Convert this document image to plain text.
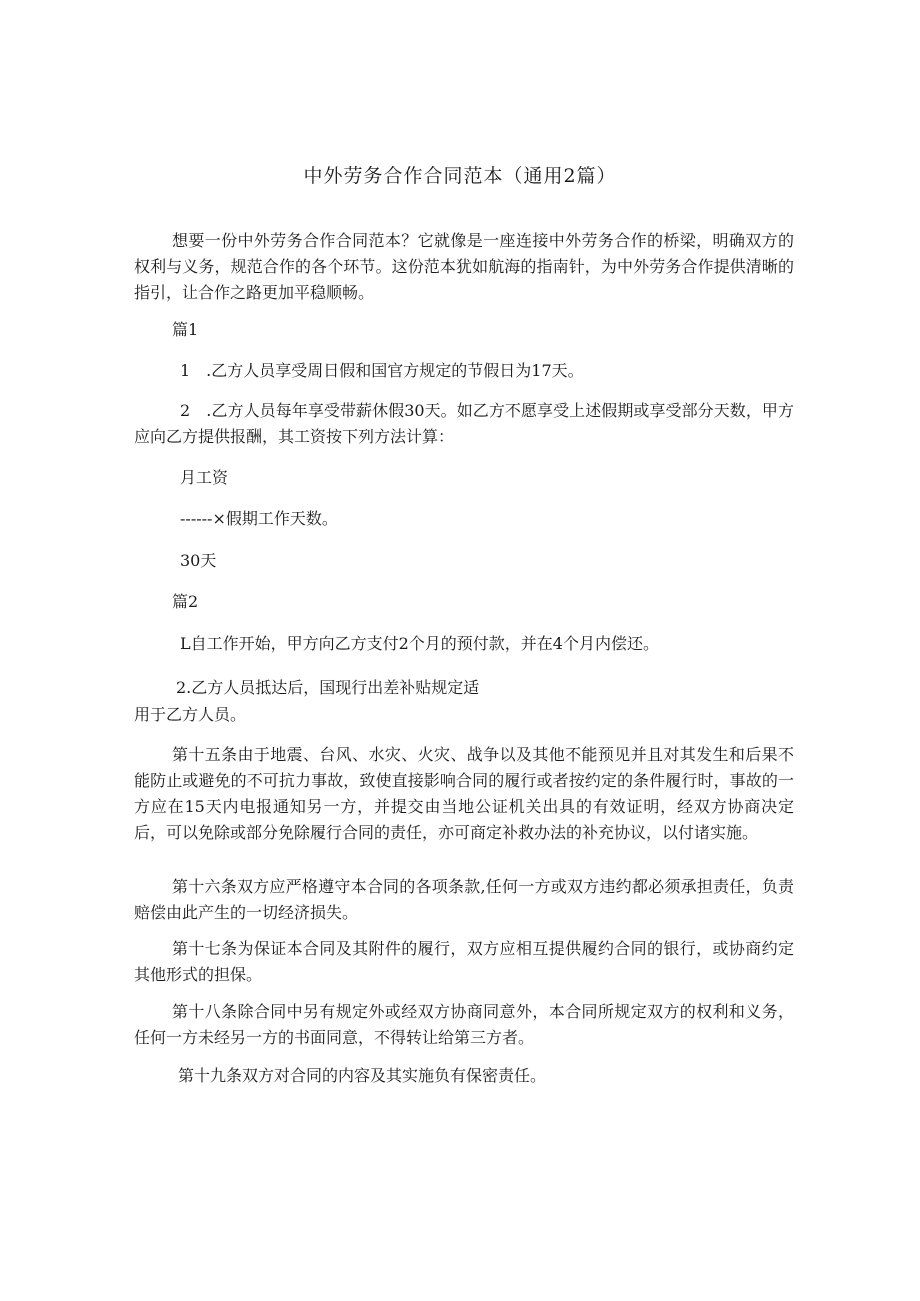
中外劳务合作合同范本（通用2篇）

想要一份中外劳务合作合同范本？它就像是一座连接中外劳务合作的桥梁，明确双方的权利与义务，规范合作的各个环节。这份范本犹如航海的指南针，为中外劳务合作提供清晰的指引，让合作之路更加平稳顺畅。

篇1

1　.乙方人员享受周日假和国官方规定的节假日为17天。

2　.乙方人员每年享受带薪休假30天。如乙方不愿享受上述假期或享受部分天数，甲方应向乙方提供报酬，其工资按下列方法计算：

月工资

------×假期工作天数。

30天

篇2

L自工作开始，甲方向乙方支付2个月的预付款，并在4个月内偿还。

2.乙方人员抵达后，国现行出差补贴规定适

用于乙方人员。

第十五条由于地震、台风、水灾、火灾、战争以及其他不能预见并且对其发生和后果不能防止或避免的不可抗力事故，致使直接影响合同的履行或者按约定的条件履行时，事故的一方应在15天内电报通知另一方，并提交由当地公证机关出具的有效证明，经双方协商决定后，可以免除或部分免除履行合同的责任，亦可商定补救办法的补充协议，以付诸实施。

第十六条双方应严格遵守本合同的各项条款,任何一方或双方违约都必须承担责任，负责赔偿由此产生的一切经济损失。

第十七条为保证本合同及其附件的履行，双方应相互提供履约合同的银行，或协商约定其他形式的担保。

第十八条除合同中另有规定外或经双方协商同意外，本合同所规定双方的权利和义务，任何一方未经另一方的书面同意，不得转让给第三方者。

第十九条双方对合同的内容及其实施负有保密责任。
